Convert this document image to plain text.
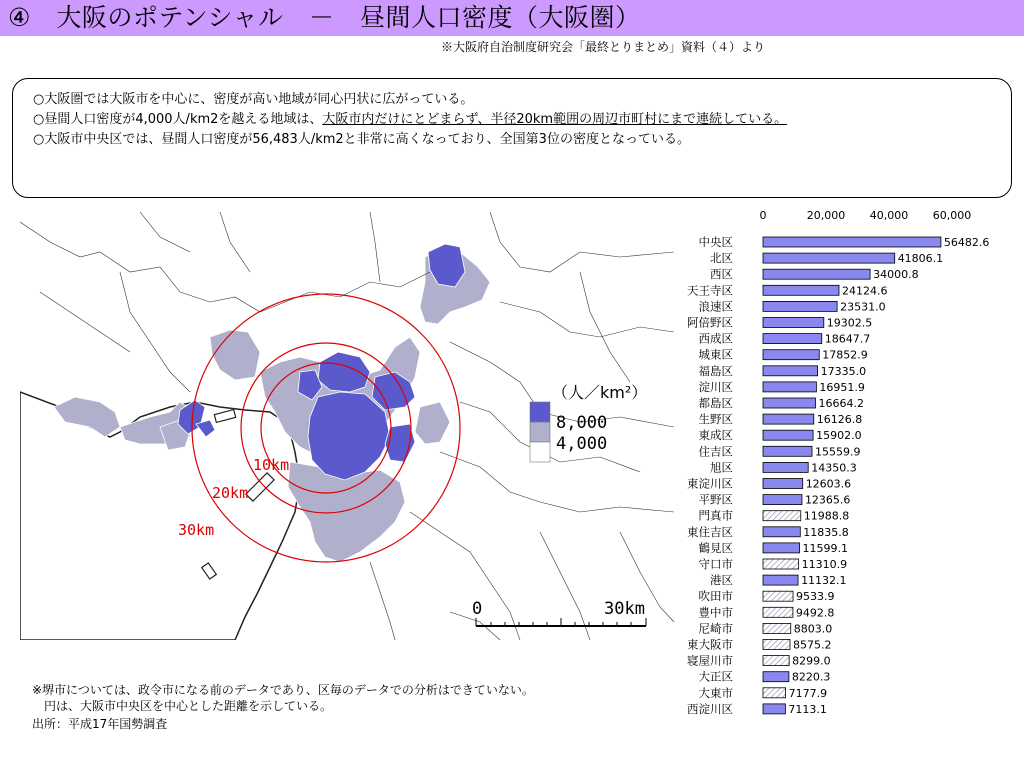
④　大阪のポテンシャル　－　昼間人口密度（大阪圏）
※大阪府自治制度研究会「最終とりまとめ」資料（４）より
○大阪圏では大阪市を中心に、密度が高い地域が同心円状に広がっている。
○昼間人口密度が4,000人/km2を越える地域は、大阪市内だけにとどまらず、半径20km範囲の周辺市町村にまで連続している。
○大阪市中央区では、昼間人口密度が56,483人/km2と非常に高くなっており、全国第3位の密度となっている。
10km
20km
30km
（人／km²）
8,000
4,000
0	30km
0	20,000 40,000 60,000
中央区	56482.6
北区	41806.1
西区	34000.8
天王寺区	24124.6
浪速区	23531.0
阿倍野区	19302.5
西成区	18647.7
城東区	17852.9
福島区	17335.0
淀川区	16951.9
都島区	16664.2
生野区	16126.8
東成区	15902.0
住吉区	15559.9
旭区	14350.3
東淀川区	12603.6
平野区	12365.6
門真市	11988.8
東住吉区	11835.8
鶴見区	11599.1
守口市	11310.9
港区	11132.1
吹田市	9533.9
豊中市	9492.8
尼崎市	8803.0
東大阪市	8575.2
寝屋川市	8299.0
大正区	8220.3
大東市	7177.9
西淀川区	7113.1
※堺市については、政令市になる前のデータであり、区毎のデータでの分析はできていない。
　円は、大阪市中央区を中心とした距離を示している。
出所：平成17年国勢調査
